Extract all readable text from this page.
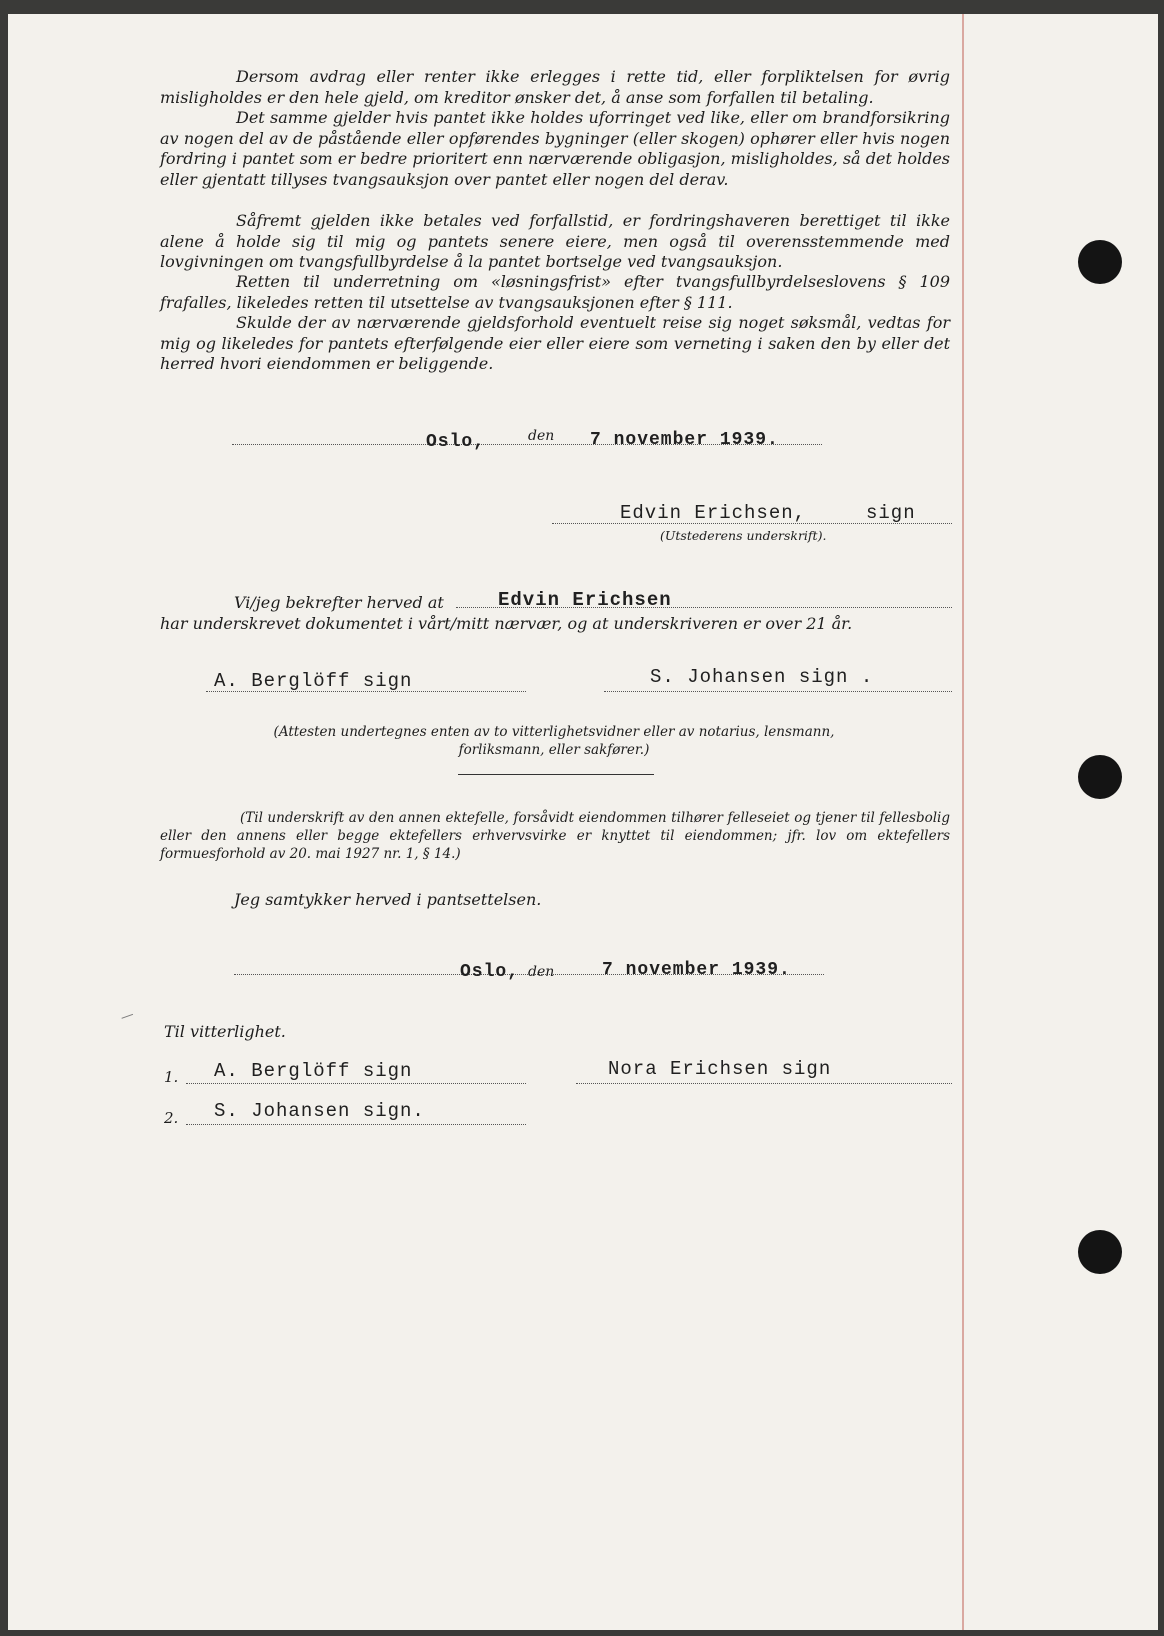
Dersom avdrag eller renter ikke erlegges i rette tid, eller forpliktelsen for øvrig misligholdes er den hele gjeld, om kreditor ønsker det, å anse som forfallen til betaling.

Det samme gjelder hvis pantet ikke holdes uforringet ved like, eller om brandforsikring av nogen del av de påstående eller opførendes bygninger (eller skogen) ophører eller hvis nogen fordring i pantet som er bedre prioritert enn nærværende obligasjon, misligholdes, så det holdes eller gjentatt tillyses tvangsauksjon over pantet eller nogen del derav.

Såfremt gjelden ikke betales ved forfallstid, er fordringshaveren berettiget til ikke alene å holde sig til mig og pantets senere eiere, men også til overensstemmende med lovgivningen om tvangsfullbyrdelse å la pantet bortselge ved tvangsauksjon.

Retten til underretning om «løsningsfrist» efter tvangsfullbyrdelseslovens § 109 frafalles, likeledes retten til utsettelse av tvangsauksjonen efter § 111.

Skulde der av nærværende gjeldsforhold eventuelt reise sig noget søksmål, vedtas for mig og likeledes for pantets efterfølgende eier eller eiere som verneting i saken den by eller det herred hvori eiendommen er beliggende.

Oslo,	den 7 november 1939.
Edvin Erichsen,	sign
(Utstederens underskrift).
Vi/jeg bekrefter herved at	Edvin Erichsen
har underskrevet dokumentet i vårt/mitt nærvær, og at underskriveren er over 21 år.
A. Berglöff sign	S. Johansen sign .
(Attesten undertegnes enten av to vitterlighetsvidner eller av notarius, lensmann, forliksmann, eller sakfører.)
(Til underskrift av den annen ektefelle, forsåvidt eiendommen tilhører felleseiet og tjener til fellesbolig eller den annens eller begge ektefellers erhvervsvirke er knyttet til eiendommen; jfr. lov om ektefellers formuesforhold av 20. mai 1927 nr. 1, § 14.)
Jeg samtykker herved i pantsettelsen.
Oslo, den	7 november 1939.
Til vitterlighet.
1. A. Berglöff sign	Nora Erichsen sign
2. S. Johansen sign.
|
